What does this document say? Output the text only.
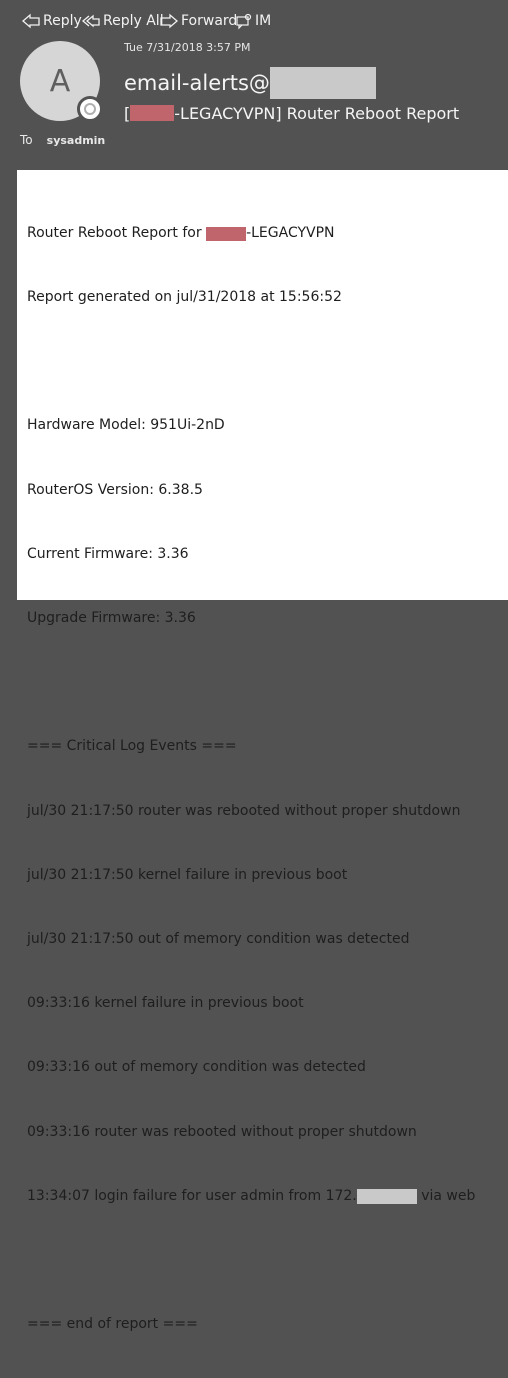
Reply Reply All Forward IM
A
Tue 7/31/2018 3:57 PM
email-alerts@
[	-LEGACYVPN] Router Reboot Report
To sysadmin

Router Reboot Report for	-LEGACYVPN

Report generated on jul/31/2018 at 15:56:52

Hardware Model: 951Ui-2nD

RouterOS Version: 6.38.5

Current Firmware: 3.36

Upgrade Firmware: 3.36

=== Critical Log Events ===

jul/30 21:17:50 router was rebooted without proper shutdown

jul/30 21:17:50 kernel failure in previous boot

jul/30 21:17:50 out of memory condition was detected

09:33:16 kernel failure in previous boot

09:33:16 out of memory condition was detected

09:33:16 router was rebooted without proper shutdown

13:34:07 login failure for user admin from 172.	via web

=== end of report ===
